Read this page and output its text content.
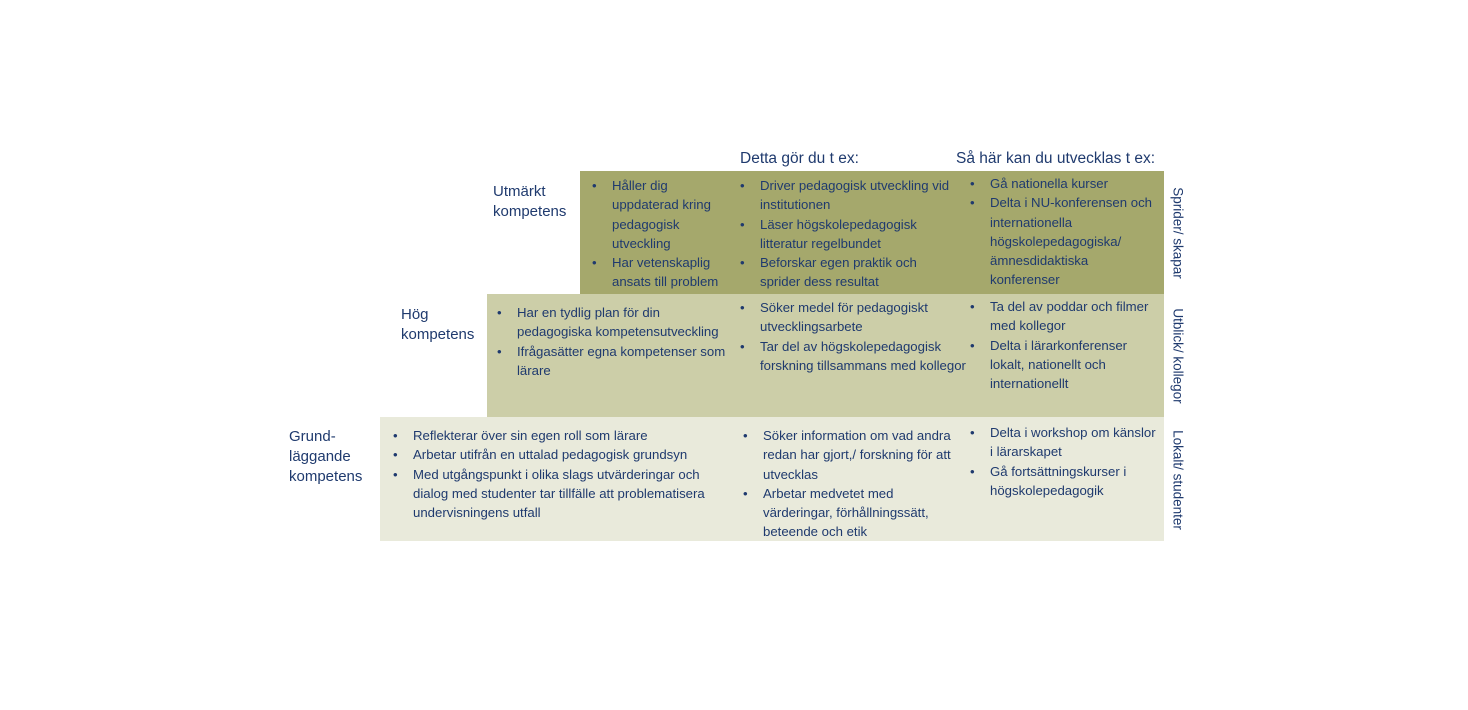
Detta gör du t ex:	Så här kan du utvecklas t ex:
Utmärkt
kompetens
Hög
kompetens
Grund-
läggande
kompetens
• Håller dig uppdaterad kring pedagogisk utveckling
• Har vetenskaplig ansats till problem
• Driver pedagogisk utveckling vid institutionen
• Läser högskolepedagogisk litteratur regelbundet
• Beforskar egen praktik och sprider dess resultat
• Gå nationella kurser
• Delta i NU-konferensen och internationella högskolepedagogiska/ ämnesdidaktiska konferenser
• Har en tydlig plan för din pedagogiska kompetensutveckling
• Ifrågasätter egna kompetenser som lärare
• Söker medel för pedagogiskt utvecklingsarbete
• Tar del av högskolepedagogisk forskning tillsammans med kollegor
• Ta del av poddar och filmer med kollegor
• Delta i lärarkonferenser lokalt, nationellt och internationellt
• Reflekterar över sin egen roll som lärare
• Arbetar utifrån en uttalad pedagogisk grundsyn
• Med utgångspunkt i olika slags utvärderingar och dialog med studenter tar tillfälle att problematisera undervisningens utfall
• Söker information om vad andra redan har gjort,/ forskning för att utvecklas
• Arbetar medvetet med värderingar, förhållningssätt, beteende och etik
• Delta i workshop om känslor i lärarskapet
• Gå fortsättningskurser i högskolepedagogik
Sprider/ skapar
Utblick/ kollegor
Lokalt/ studenter
